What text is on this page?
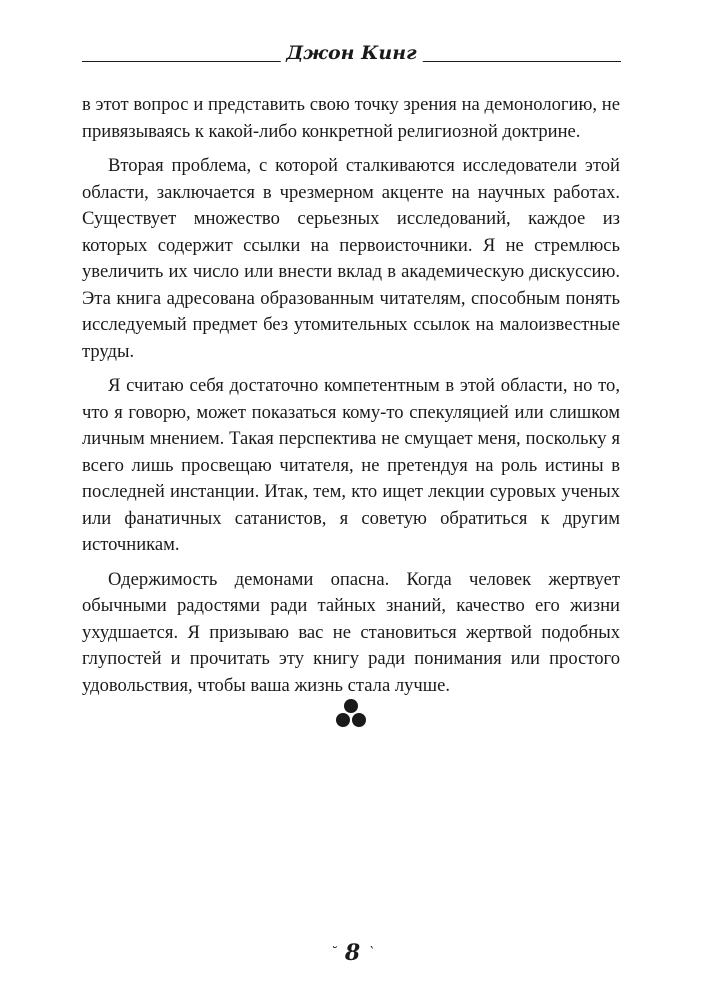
Джон Кинг

в этот вопрос и представить свою точку зрения на демонологию, не привязываясь к какой-либо конкретной религиозной доктрине.

Вторая проблема, с которой сталкиваются исследователи этой области, заключается в чрезмерном акценте на научных работах. Существует множество серьезных исследований, каждое из которых содержит ссылки на первоисточники. Я не стремлюсь увеличить их число или внести вклад в академическую дискуссию. Эта книга адресована образованным читателям, способным понять исследуемый предмет без утомительных ссылок на малоизвестные труды.

Я считаю себя достаточно компетентным в этой области, но то, что я говорю, может показаться кому-то спекуляцией или слишком личным мнением. Такая перспектива не смущает меня, поскольку я всего лишь просвещаю читателя, не претендуя на роль истины в последней инстанции. Итак, тем, кто ищет лекции суровых ученых или фанатичных сатанистов, я советую обратиться к другим источникам.

Одержимость демонами опасна. Когда человек жертвует обычными радостями ради тайных знаний, качество его жизни ухудшается. Я призываю вас не становиться жертвой подобных глупостей и прочитать эту книгу ради понимания или простого удовольствия, чтобы ваша жизнь стала лучше.

˘ 8 $^ˋ$
